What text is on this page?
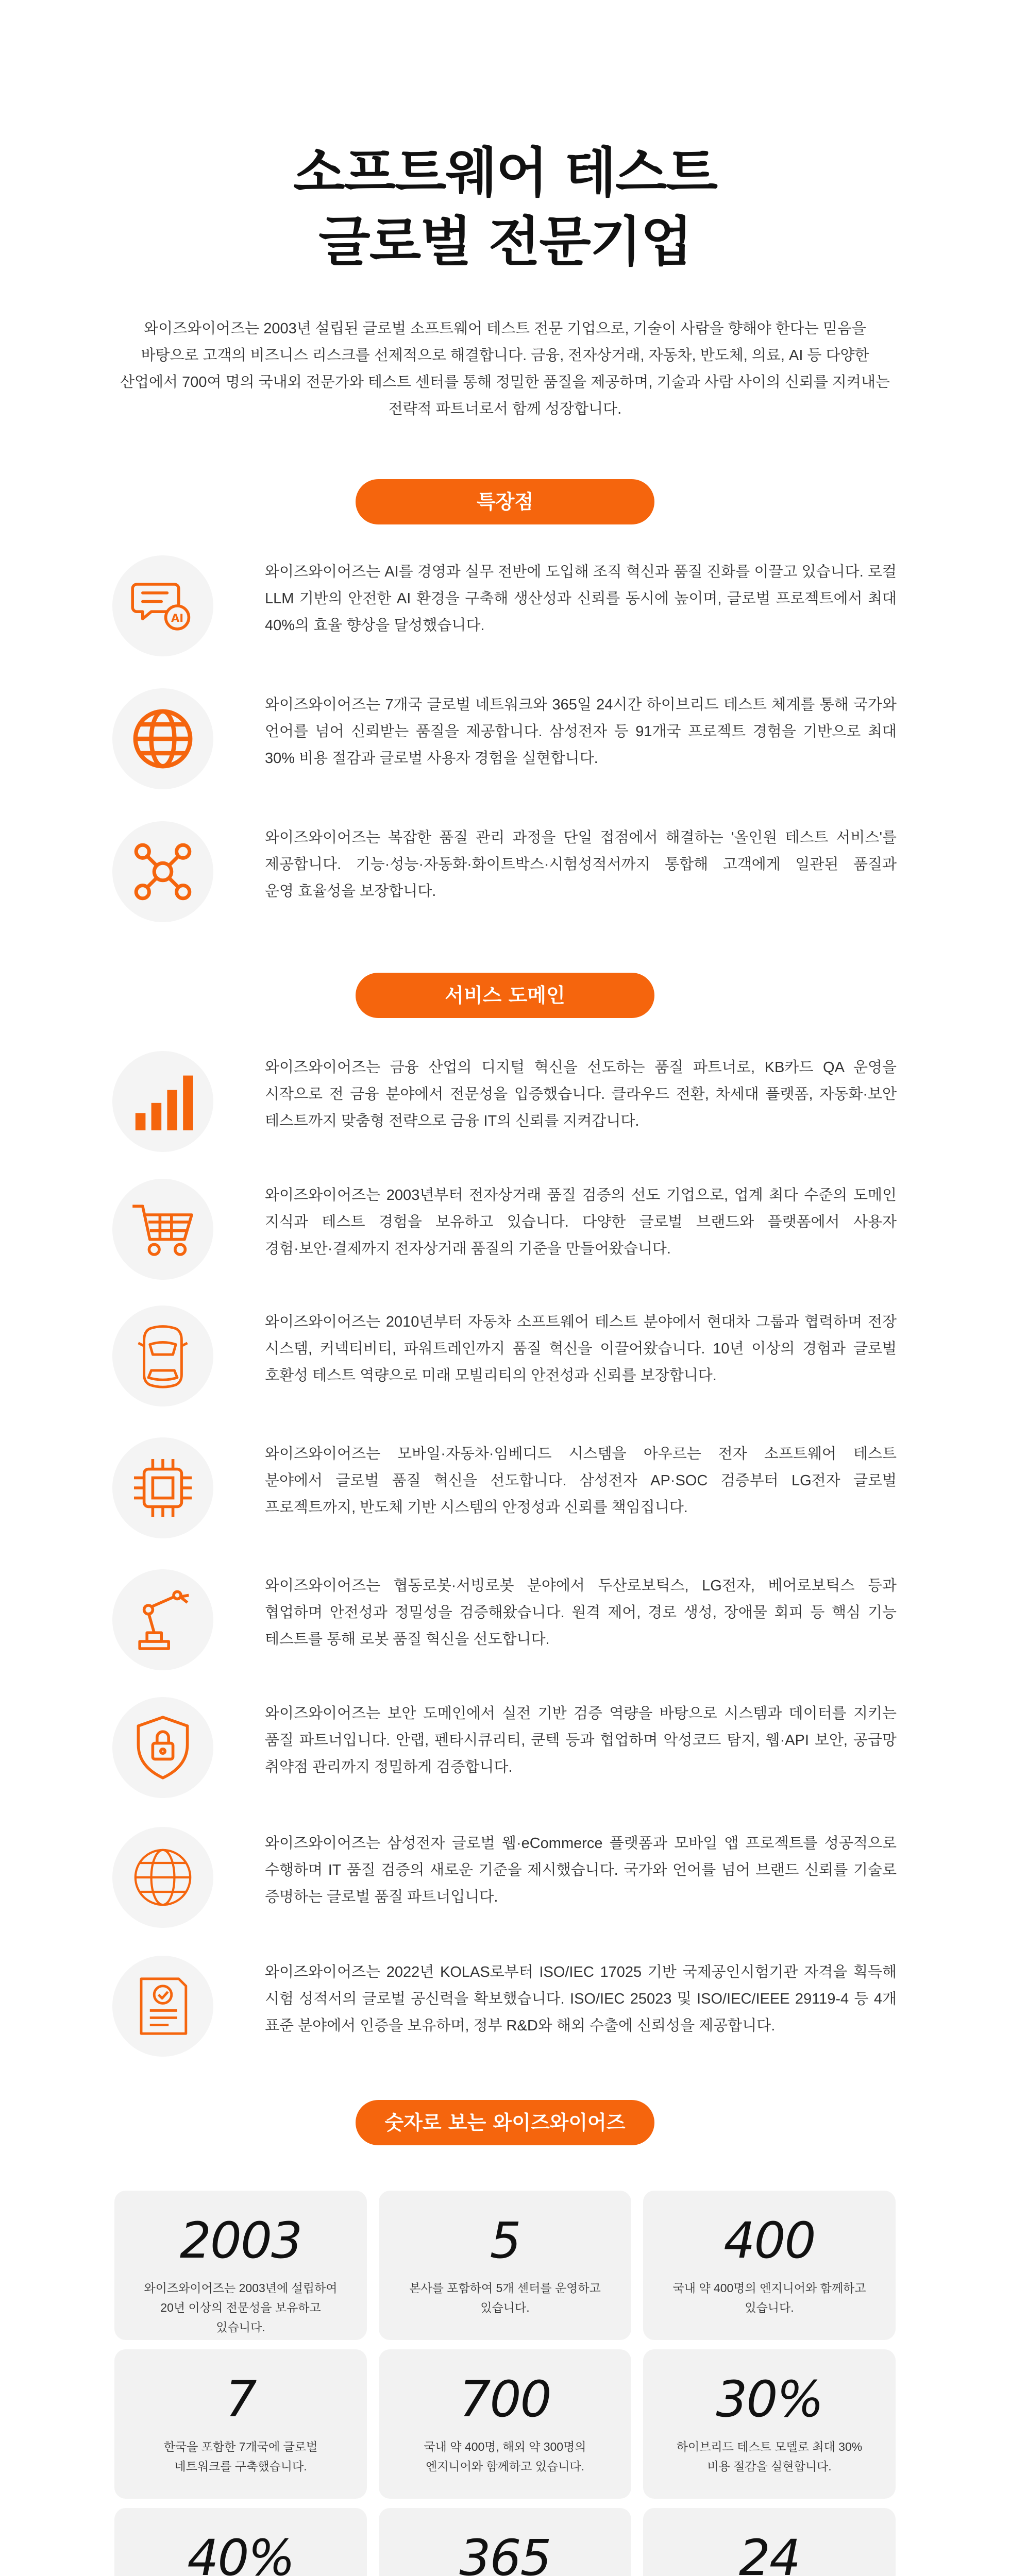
소프트웨어 테스트
글로벌 전문기업

와이즈와이어즈는 2003년 설립된 글로벌 소프트웨어 테스트 전문 기업으로, 기술이 사람을 향해야 한다는 믿음을
바탕으로 고객의 비즈니스 리스크를 선제적으로 해결합니다. 금융, 전자상거래, 자동차, 반도체, 의료, AI 등 다양한
산업에서 700여 명의 국내외 전문가와 테스트 센터를 통해 정밀한 품질을 제공하며, 기술과 사람 사이의 신뢰를 지켜내는
전략적 파트너로서 함께 성장합니다.

특장점
AI
와이즈와이어즈는 AI를 경영과 실무 전반에 도입해 조직 혁신과 품질 진화를 이끌고 있습니다. 로컬
LLM 기반의 안전한 AI 환경을 구축해 생산성과 신뢰를 동시에 높이며, 글로벌 프로젝트에서 최대
40%의 효율 향상을 달성했습니다.
와이즈와이어즈는 7개국 글로벌 네트워크와 365일 24시간 하이브리드 테스트 체계를 통해 국가와
언어를 넘어 신뢰받는 품질을 제공합니다. 삼성전자 등 91개국 프로젝트 경험을 기반으로 최대
30% 비용 절감과 글로벌 사용자 경험을 실현합니다.
와이즈와이어즈는 복잡한 품질 관리 과정을 단일 접점에서 해결하는 '올인원 테스트 서비스'를
제공합니다. 기능·성능·자동화·화이트박스·시험성적서까지 통합해 고객에게 일관된 품질과
운영 효율성을 보장합니다.
서비스 도메인
와이즈와이어즈는 금융 산업의 디지털 혁신을 선도하는 품질 파트너로, KB카드 QA 운영을
시작으로 전 금융 분야에서 전문성을 입증했습니다. 클라우드 전환, 차세대 플랫폼, 자동화·보안
테스트까지 맞춤형 전략으로 금융 IT의 신뢰를 지켜갑니다.
와이즈와이어즈는 2003년부터 전자상거래 품질 검증의 선도 기업으로, 업계 최다 수준의 도메인
지식과 테스트 경험을 보유하고 있습니다. 다양한 글로벌 브랜드와 플랫폼에서 사용자
경험·보안·결제까지 전자상거래 품질의 기준을 만들어왔습니다.
와이즈와이어즈는 2010년부터 자동차 소프트웨어 테스트 분야에서 현대차 그룹과 협력하며 전장
시스템, 커넥티비티, 파워트레인까지 품질 혁신을 이끌어왔습니다. 10년 이상의 경험과 글로벌
호환성 테스트 역량으로 미래 모빌리티의 안전성과 신뢰를 보장합니다.
와이즈와이어즈는 모바일·자동차·임베디드 시스템을 아우르는 전자 소프트웨어 테스트
분야에서 글로벌 품질 혁신을 선도합니다. 삼성전자 AP·SOC 검증부터 LG전자 글로벌
프로젝트까지, 반도체 기반 시스템의 안정성과 신뢰를 책임집니다.
와이즈와이어즈는 협동로봇·서빙로봇 분야에서 두산로보틱스, LG전자, 베어로보틱스 등과
협업하며 안전성과 정밀성을 검증해왔습니다. 원격 제어, 경로 생성, 장애물 회피 등 핵심 기능
테스트를 통해 로봇 품질 혁신을 선도합니다.
와이즈와이어즈는 보안 도메인에서 실전 기반 검증 역량을 바탕으로 시스템과 데이터를 지키는
품질 파트너입니다. 안랩, 펜타시큐리티, 쿤텍 등과 협업하며 악성코드 탐지, 웹·API 보안, 공급망
취약점 관리까지 정밀하게 검증합니다.
와이즈와이어즈는 삼성전자 글로벌 웹·eCommerce 플랫폼과 모바일 앱 프로젝트를 성공적으로
수행하며 IT 품질 검증의 새로운 기준을 제시했습니다. 국가와 언어를 넘어 브랜드 신뢰를 기술로
증명하는 글로벌 품질 파트너입니다.
와이즈와이어즈는 2022년 KOLAS로부터 ISO/IEC 17025 기반 국제공인시험기관 자격을 획득해
시험 성적서의 글로벌 공신력을 확보했습니다. ISO/IEC 25023 및 ISO/IEC/IEEE 29119-4 등 4개
표준 분야에서 인증을 보유하며, 정부 R&D와 해외 수출에 신뢰성을 제공합니다.
숫자로 보는 와이즈와이어즈
2003
와이즈와이어즈는 2003년에 설립하여
20년 이상의 전문성을 보유하고
있습니다.
5
본사를 포함하여 5개 센터를 운영하고
있습니다.
400
국내 약 400명의 엔지니어와 함께하고
있습니다.
7
한국을 포함한 7개국에 글로벌
네트워크를 구축했습니다.
700
국내 약 400명, 해외 약 300명의
엔지니어와 함께하고 있습니다.
30%
하이브리드 테스트 모델로 최대 30%
비용 절감을 실현합니다.
40%	365	24
